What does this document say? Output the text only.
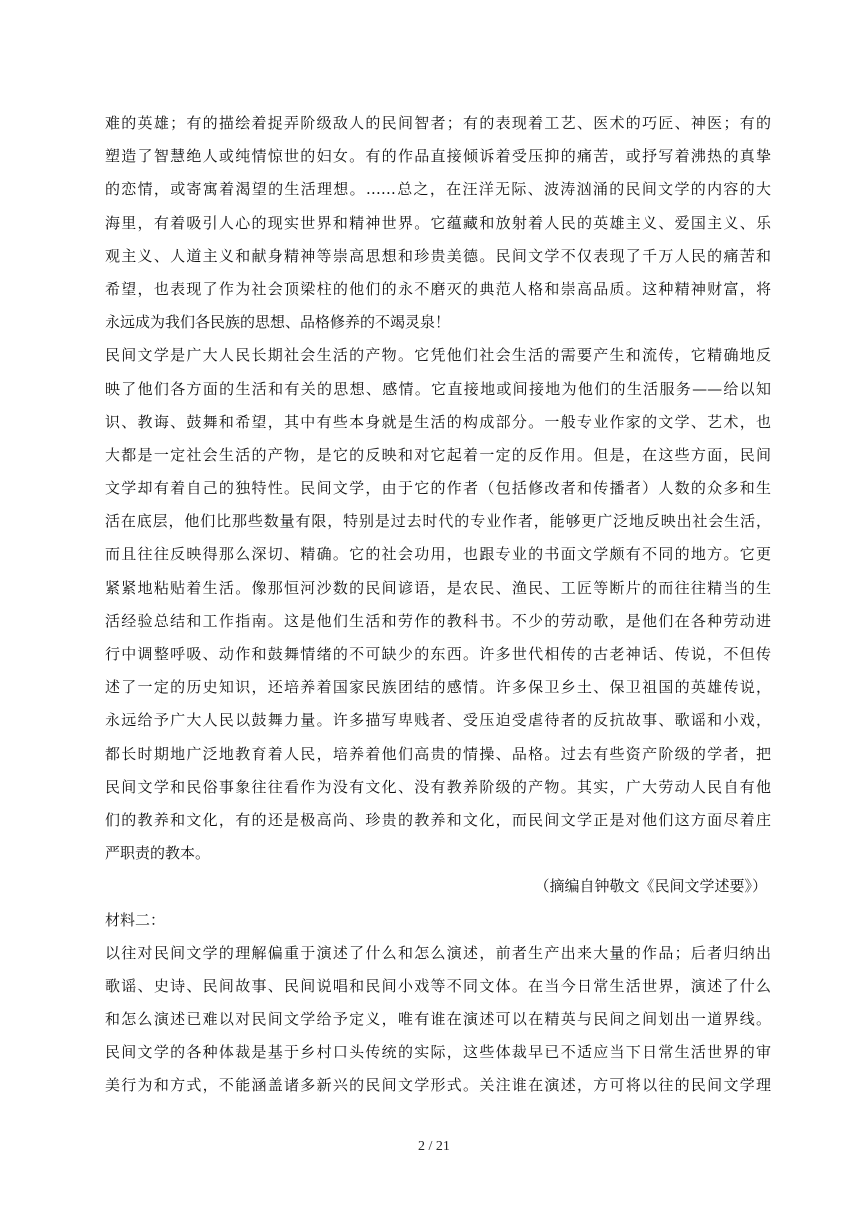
难的英雄；有的描绘着捉弄阶级敌人的民间智者；有的表现着工艺、医术的巧匠、神医；有的
塑造了智慧绝人或纯情惊世的妇女。有的作品直接倾诉着受压抑的痛苦，或抒写着沸热的真挚
的恋情，或寄寓着渴望的生活理想。……总之，在汪洋无际、波涛汹涌的民间文学的内容的大
海里，有着吸引人心的现实世界和精神世界。它蕴藏和放射着人民的英雄主义、爱国主义、乐
观主义、人道主义和献身精神等崇高思想和珍贵美德。民间文学不仅表现了千万人民的痛苦和
希望，也表现了作为社会顶梁柱的他们的永不磨灭的典范人格和崇高品质。这种精神财富，将
永远成为我们各民族的思想、品格修养的不竭灵泉！
民间文学是广大人民长期社会生活的产物。它凭他们社会生活的需要产生和流传，它精确地反
映了他们各方面的生活和有关的思想、感情。它直接地或间接地为他们的生活服务——给以知
识、教诲、鼓舞和希望，其中有些本身就是生活的构成部分。一般专业作家的文学、艺术，也
大都是一定社会生活的产物，是它的反映和对它起着一定的反作用。但是，在这些方面，民间
文学却有着自己的独特性。民间文学，由于它的作者（包括修改者和传播者）人数的众多和生
活在底层，他们比那些数量有限，特别是过去时代的专业作者，能够更广泛地反映出社会生活，
而且往往反映得那么深切、精确。它的社会功用，也跟专业的书面文学颇有不同的地方。它更
紧紧地粘贴着生活。像那恒河沙数的民间谚语，是农民、渔民、工匠等断片的而往往精当的生
活经验总结和工作指南。这是他们生活和劳作的教科书。不少的劳动歌，是他们在各种劳动进
行中调整呼吸、动作和鼓舞情绪的不可缺少的东西。许多世代相传的古老神话、传说，不但传
述了一定的历史知识，还培养着国家民族团结的感情。许多保卫乡土、保卫祖国的英雄传说，
永远给予广大人民以鼓舞力量。许多描写卑贱者、受压迫受虐待者的反抗故事、歌谣和小戏，
都长时期地广泛地教育着人民，培养着他们高贵的情操、品格。过去有些资产阶级的学者，把
民间文学和民俗事象往往看作为没有文化、没有教养阶级的产物。其实，广大劳动人民自有他
们的教养和文化，有的还是极高尚、珍贵的教养和文化，而民间文学正是对他们这方面尽着庄
严职责的教本。
（摘编自钟敬文《民间文学述要》）
材料二：
以往对民间文学的理解偏重于演述了什么和怎么演述，前者生产出来大量的作品；后者归纳出
歌谣、史诗、民间故事、民间说唱和民间小戏等不同文体。在当今日常生活世界，演述了什么
和怎么演述已难以对民间文学给予定义，唯有谁在演述可以在精英与民间之间划出一道界线。
民间文学的各种体裁是基于乡村口头传统的实际，这些体裁早已不适应当下日常生活世界的审
美行为和方式，不能涵盖诸多新兴的民间文学形式。关注谁在演述，方可将以往的民间文学理
2 / 21
